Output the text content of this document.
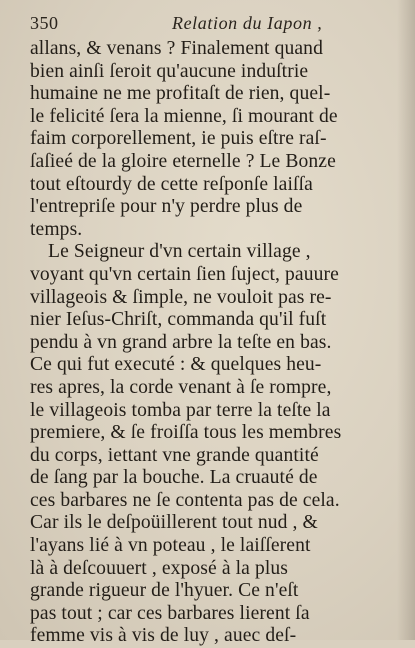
350	Relation du Iapon ,
allans, & venans ? Finalement quand
bien ainſi ſeroit qu'aucune induſtrie
humaine ne me profitaſt de rien, quel-
le felicité ſera la mienne, ſi mourant de
faim corporellement, ie puis eſtre raſ-
ſaſieé de la gloire eternelle ? Le Bonze
tout eſtourdy de cette reſponſe laiſſa
l'entrepriſe pour n'y perdre plus de
temps.
Le Seigneur d'vn certain village ,
voyant qu'vn certain ſien ſuject, pauure
villageois & ſimple, ne vouloit pas re-
nier Ieſus-Chriſt, commanda qu'il fuſt
pendu à vn grand arbre la teſte en bas.
Ce qui fut executé : & quelques heu-
res apres, la corde venant à ſe rompre,
le villageois tomba par terre la teſte la
premiere, & ſe froiſſa tous les membres
du corps, iettant vne grande quantité
de ſang par la bouche. La cruauté de
ces barbares ne ſe contenta pas de cela.
Car ils le deſpoüillerent tout nud , &
l'ayans lié à vn poteau , le laiſſerent
là à deſcouuert , exposé à la plus
grande rigueur de l'hyuer. Ce n'eſt
pas tout ; car ces barbares lierent ſa
femme vis à vis de luy , auec deſ-
